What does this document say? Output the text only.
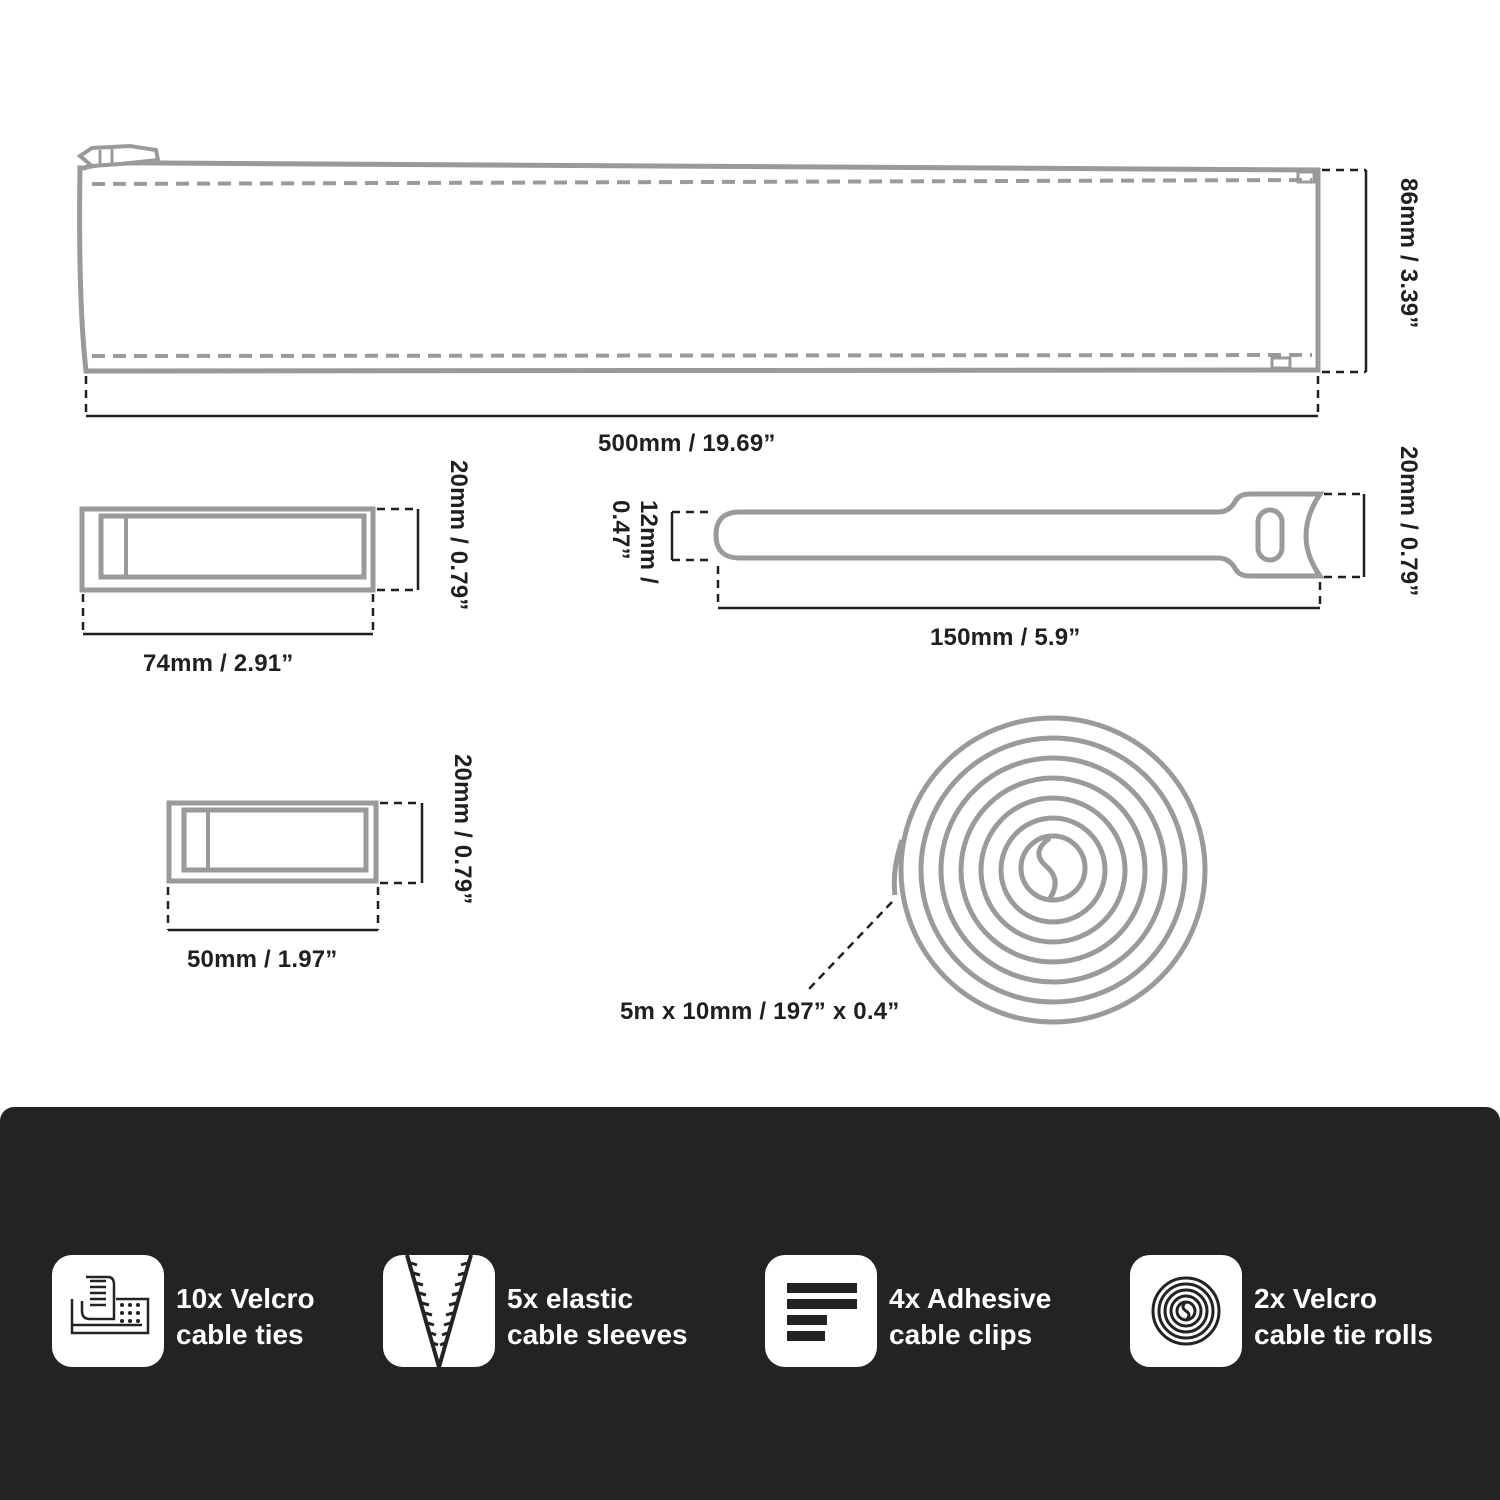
86mm / 3.39”
500mm / 19.69”
20mm / 0.79”
74mm / 2.91”
12mm / 0.47”	20mm / 0.79”
150mm / 5.9”
20mm / 0.79”
50mm / 1.97”
5m x 10mm / 197” x 0.4”
10x Velcro
cable ties
5x elastic
cable sleeves
4x Adhesive
cable clips
2x Velcro
cable tie rolls
